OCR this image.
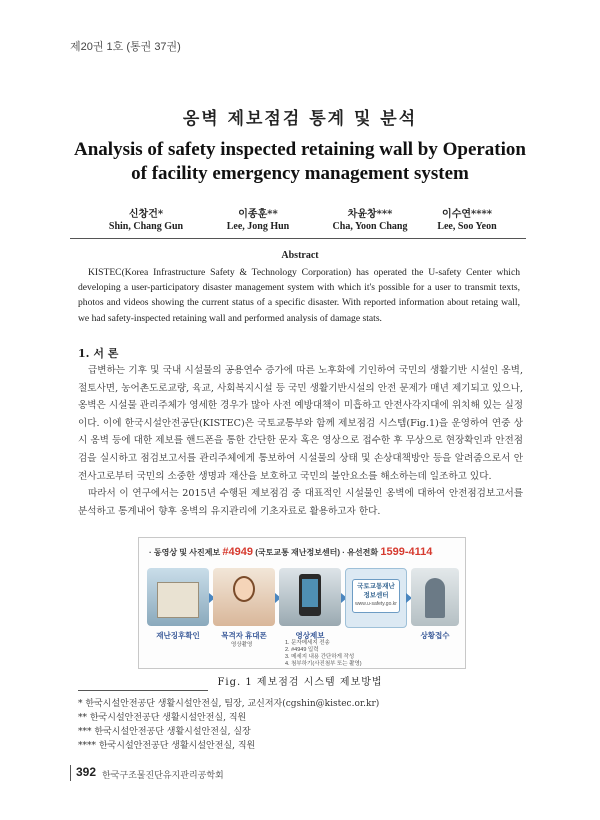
제20권 1호 (통권 37권)
옹벽 제보점검 통계 및 분석
Analysis of safety inspected retaining wall by Operation of facility emergency management system
신창건*
Shin, Chang Gun
이종훈**
Lee, Jong Hun
차윤창***
Cha, Yoon Chang
이수연****
Lee, Soo Yeon
Abstract
KISTEC(Korea Infrastructure Safety & Technology Corporation) has operated the U-safety Center which developing a user-participatory disaster management system with which it's possible for a user to transmit texts, photos and videos showing the current status of a specific disaster. With reported information about retaing wall, we had safety-inspected retaining wall and performed analysis of damage stats.
1. 서 론

급변하는 기후 및 국내 시설물의 공용연수 증가에 따른 노후화에 기인하여 국민의 생활기반 시설인 옹벽, 절토사면, 농어촌도로교량, 육교, 사회복지시설 등 국민 생활기반시설의 안전 문제가 매년 제기되고 있으나, 옹벽은 시설물 관리주체가 영세한 경우가 많아 사전 예방대책이 미흡하고 안전사각지대에 위치해 있는 실정이다. 이에 한국시설안전공단(KISTEC)은 국토교통부와 함께 제보점검 시스템(Fig.1)을 운영하여 연중 상시 옹벽 등에 대한 제보를 핸드폰을 통한 간단한 문자 혹은 영상으로 접수한 후 무상으로 현장확인과 안전점검을 실시하고 점검보고서를 관리주체에게 통보하여 시설물의 상태 및 손상대책방안 등을 알려줌으로서 안전사고로부터 국민의 소중한 생명과 재산을 보호하고 국민의 불안요소를 해소하는데 일조하고 있다.

따라서 이 연구에서는 2015년 수행된 제보점검 중 대표적인 시설물인 옹벽에 대하여 안전점검보고서를 분석하고 통계내어 향후 옹벽의 유지관리에 기초자료로 활용하고자 한다.

· 동영상 및 사진제보 #4949 (국토교통 재난정보센터) · 유선전화 1599-4114
국토교통재난
정보센터
www.u-safety.go.kr
재난징후확인	목격자 휴대폰	영상제보	상황접수
영상촬영	1. 문자메세지 전송
2. #4949 입력
3. 메세지 내용 간단하게 작성
4. 첨부하기(사진첨부 또는 촬영)
Fig. 1 제보점검 시스템 제보방법
* 한국시설안전공단 생활시설안전실, 팀장, 교신저자(cgshin@kistec.or.kr)
** 한국시설안전공단 생활시설안전실, 직원
*** 한국시설안전공단 생활시설안전실, 실장
**** 한국시설안전공단 생활시설안전실, 직원
392 한국구조물진단유지관리공학회
